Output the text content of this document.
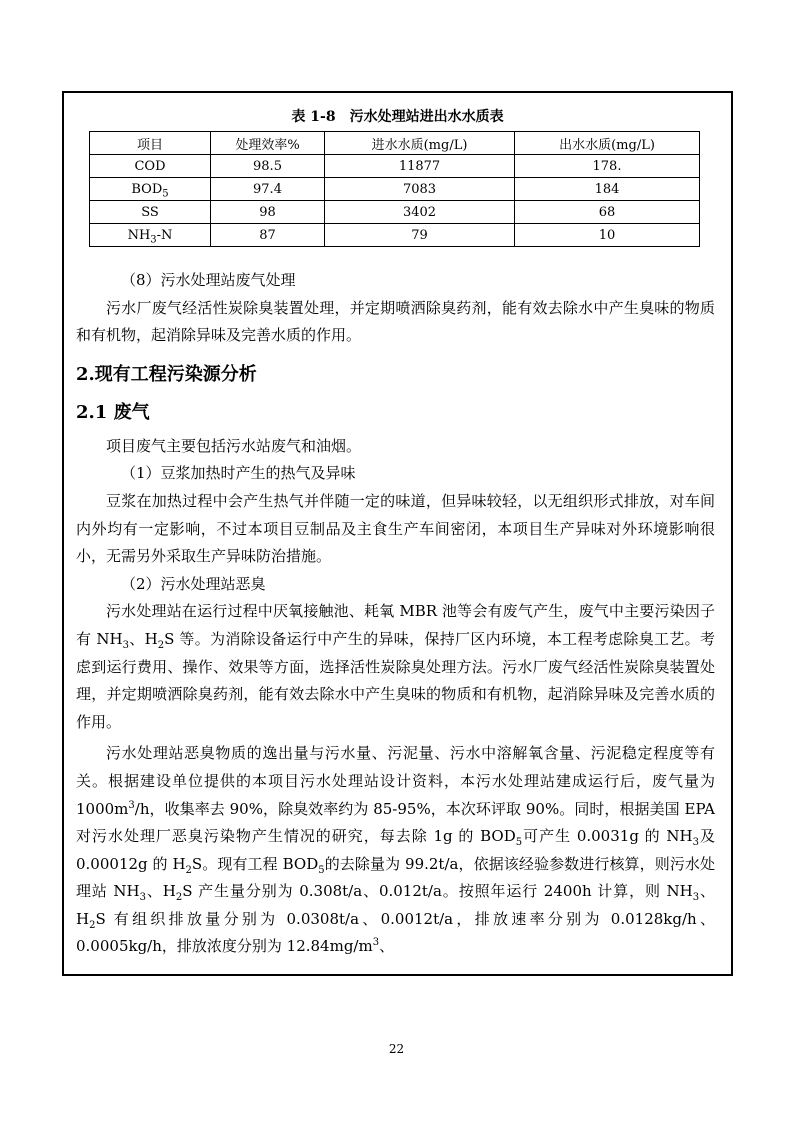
表 1-8　污水处理站进出水水质表
项目	处理效率%	进水水质(mg/L)	出水水质(mg/L)
COD	98.5	11877	178.
$BOD_5$	97.4	7083	184
SS	98	3402	68
$NH_3-N$	87	79	10

（8）污水处理站废气处理

污水厂废气经活性炭除臭装置处理，并定期喷洒除臭药剂，能有效去除水中产生臭味的物质和有机物，起消除异味及完善水质的作用。

2.现有工程污染源分析
2.1 废气

项目废气主要包括污水站废气和油烟。

（1）豆浆加热时产生的热气及异味

豆浆在加热过程中会产生热气并伴随一定的味道，但异味较轻，以无组织形式排放，对车间内外均有一定影响，不过本项目豆制品及主食生产车间密闭，本项目生产异味对外环境影响很小，无需另外采取生产异味防治措施。

（2）污水处理站恶臭

污水处理站在运行过程中厌氧接触池、耗氧 MBR 池等会有废气产生，废气中主要污染因子有 $NH_3$、$H_2S$ 等。为消除设备运行中产生的异味，保持厂区内环境，本工程考虑除臭工艺。考虑到运行费用、操作、效果等方面，选择活性炭除臭处理方法。污水厂废气经活性炭除臭装置处理，并定期喷洒除臭药剂，能有效去除水中产生臭味的物质和有机物，起消除异味及完善水质的作用。

污水处理站恶臭物质的逸出量与污水量、污泥量、污水中溶解氧含量、污泥稳定程度等有关。根据建设单位提供的本项目污水处理站设计资料，本污水处理站建成运行后，废气量为 $1000m^3/h$，收集率去 90%，除臭效率约为 85-95%，本次环评取 90%。同时，根据美国 EPA 对污水处理厂恶臭污染物产生情况的研究，每去除 1g 的 $BOD_5$可产生 0.0031g 的 $NH_3$及 0.00012g 的 $H_2S$。现有工程 $BOD_5$的去除量为 99.2t/a，依据该经验参数进行核算，则污水处理站 $NH_3$、$H_2S$ 产生量分别为 0.308t/a、0.012t/a。按照年运行 2400h 计算，则 $NH_3$、$H_2S$ 有组织排放量分别为 0.0308t/a、0.0012t/a，排放速率分别为 0.0128kg/h、0.0005kg/h，排放浓度分别为 $12.84mg/m^3$、

22
